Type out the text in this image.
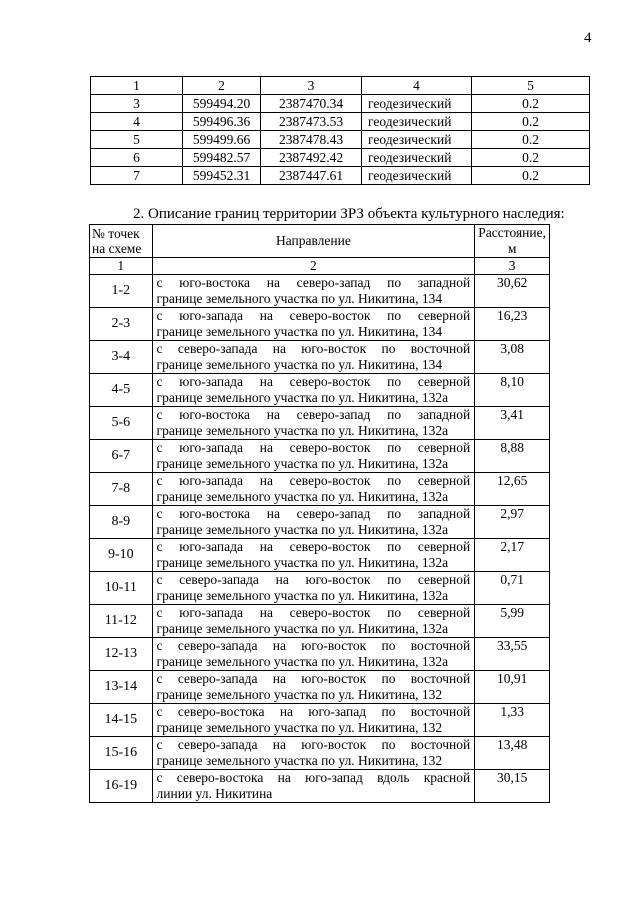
4
1	2	3	4	5
3	599494.20	2387470.34	геодезический	0.2
4	599496.36	2387473.53	геодезический	0.2
5	599499.66	2387478.43	геодезический	0.2
6	599482.57	2387492.42	геодезический	0.2
7	599452.31	2387447.61	геодезический	0.2
2. Описание границ территории ЗРЗ объекта культурного наследия:
№ точек
на схеме	Направление	Расстояние, м
1	2	3
1-2	с юго-востока на северо-запад по западной
границе земельного участка по ул. Никитина, 134	30,62
2-3	с юго-запада на северо-восток по северной
границе земельного участка по ул. Никитина, 134	16,23
3-4	с северо-запада на юго-восток по восточной
границе земельного участка по ул. Никитина, 134	3,08
4-5	с юго-запада на северо-восток по северной
границе земельного участка по ул. Никитина, 132а	8,10
5-6	с юго-востока на северо-запад по западной
границе земельного участка по ул. Никитина, 132а	3,41
6-7	с юго-запада на северо-восток по северной
границе земельного участка по ул. Никитина, 132а	8,88
7-8	с юго-запада на северо-восток по северной
границе земельного участка по ул. Никитина, 132а	12,65
8-9	с юго-востока на северо-запад по западной
границе земельного участка по ул. Никитина, 132а	2,97
9-10	с юго-запада на северо-восток по северной
границе земельного участка по ул. Никитина, 132а	2,17
10-11	с северо-запада на юго-восток по северной
границе земельного участка по ул. Никитина, 132а	0,71
11-12	с юго-запада на северо-восток по северной
границе земельного участка по ул. Никитина, 132а	5,99
12-13	с северо-запада на юго-восток по восточной
границе земельного участка по ул. Никитина, 132а	33,55
13-14	с северо-запада на юго-восток по восточной
границе земельного участка по ул. Никитина, 132	10,91
14-15	с северо-востока на юго-запад по восточной
границе земельного участка по ул. Никитина, 132	1,33
15-16	с северо-запада на юго-восток по восточной
границе земельного участка по ул. Никитина, 132	13,48
16-19	с северо-востока на юго-запад вдоль красной
линии ул. Никитина	30,15
